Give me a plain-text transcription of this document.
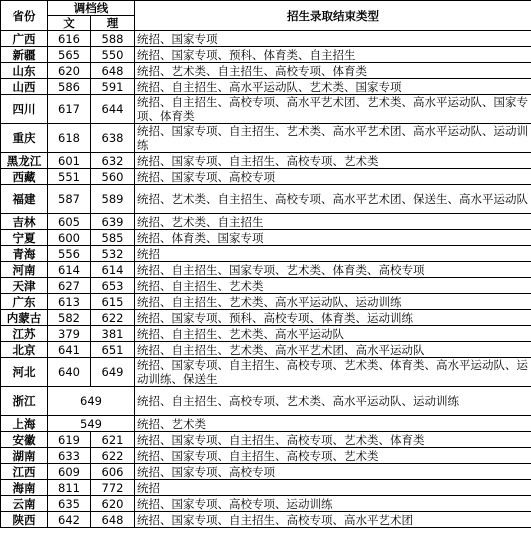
省份	调档线		招生录取结束类型
	文	理	
广西	616	588	统招、国家专项
新疆	565	550	统招、国家专项、预科、体育类、自主招生
山东	620	648	统招、艺术类、自主招生、高校专项、体育类
山西	586	591	统招、自主招生、高水平运动队、艺术类、国家专项
四川	617	644	统招、自主招生、高校专项、高水平艺术团、艺术类、高水平运动队、国家专项、体育类
重庆	618	638	统招、国家专项、自主招生、艺术类、高水平艺术团、高水平运动队、运动训练
黑龙江	601	632	统招、国家专项、自主招生、高校专项、艺术类
西藏	551	560	统招、国家专项、高校专项
福建	587	589	统招、艺术类、自主招生、高校专项、高水平艺术团、保送生、高水平运动队
吉林	605	639	统招、艺术类、自主招生
宁夏	600	585	统招、体育类、国家专项
青海	556	532	统招
河南	614	614	统招、自主招生、国家专项、艺术类、体育类、高校专项
天津	627	653	统招、自主招生、艺术类
广东	613	615	统招、自主招生、艺术类、高水平运动队、运动训练
内蒙古	582	622	统招、国家专项、预科、高校专项、体育类、运动训练
江苏	379	381	统招、自主招生、艺术类、高水平运动队
北京	641	651	统招、自主招生、艺术类、高水平艺术团、高水平运动队
河北	640	649	统招、国家专项、自主招生、高校专项、艺术类、体育类、高水平运动队、运动训练、保送生
浙江	649		统招、自主招生、高校专项、艺术类、高水平运动队、运动训练
上海	549		统招、艺术类
安徽	619	621	统招、国家专项、自主招生、高校专项、艺术类、体育类
湖南	633	622	统招、国家专项、自主招生、高校专项、艺术类
江西	609	606	统招、国家专项、高校专项
海南	811	772	统招
云南	635	620	统招、国家专项、高校专项、运动训练
陕西	642	648	统招、国家专项、自主招生、高校专项、高水平艺术团
